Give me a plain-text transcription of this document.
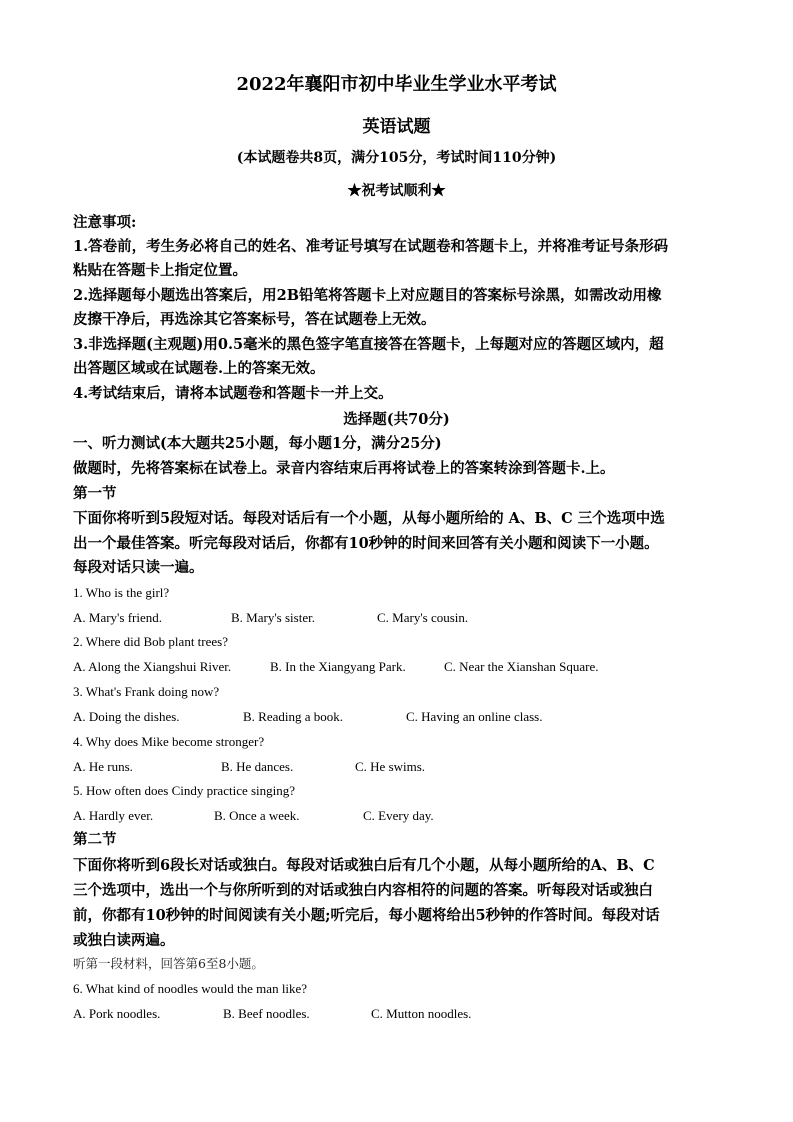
2022年襄阳市初中毕业生学业水平考试
英语试题
(本试题卷共8页，满分105分，考试时间110分钟)
★祝考试顺利★
注意事项:
1.答卷前，考生务必将自己的姓名、准考证号填写在试题卷和答题卡上，并将准考证号条形码
粘贴在答题卡上指定位置。
2.选择题每小题选出答案后，用2B铅笔将答题卡上对应题目的答案标号涂黑，如需改动用橡
皮擦干净后，再选涂其它答案标号，答在试题卷上无效。
3.非选择题(主观题)用0.5毫米的黑色签字笔直接答在答题卡，上每题对应的答题区域内，超
出答题区域或在试题卷.上的答案无效。
4.考试结束后，请将本试题卷和答题卡一并上交。
选择题(共70分)
一、听力测试(本大题共25小题，每小题1分，满分25分)
做题时，先将答案标在试卷上。录音内容结束后再将试卷上的答案转涂到答题卡.上。
第一节
下面你将听到5段短对话。每段对话后有一个小题，从每小题所给的 A、B、C 三个选项中选
出一个最佳答案。听完每段对话后，你都有10秒钟的时间来回答有关小题和阅读下一小题。
每段对话只读一遍。
1. Who is the girl?
A. Mary's friend.	B. Mary's sister.	C. Mary's cousin.
2. Where did Bob plant trees?
A. Along the Xiangshui River.	B. In the Xiangyang Park.	C. Near the Xianshan Square.
3. What's Frank doing now?
A. Doing the dishes.	B. Reading a book.	C. Having an online class.
4. Why does Mike become stronger?
A. He runs.	B. He dances.	C. He swims.
5. How often does Cindy practice singing?
A. Hardly ever.	B. Once a week.	C. Every day.
第二节
下面你将听到6段长对话或独白。每段对话或独白后有几个小题，从每小题所给的A、B、C
三个选项中，选出一个与你所听到的对话或独白内容相符的问题的答案。听每段对话或独白
前，你都有10秒钟的时间阅读有关小题;听完后，每小题将给出5秒钟的作答时间。每段对话
或独白读两遍。
听第一段材料，回答第6至8小题。
6. What kind of noodles would the man like?
A. Pork noodles.	B. Beef noodles.	C. Mutton noodles.
